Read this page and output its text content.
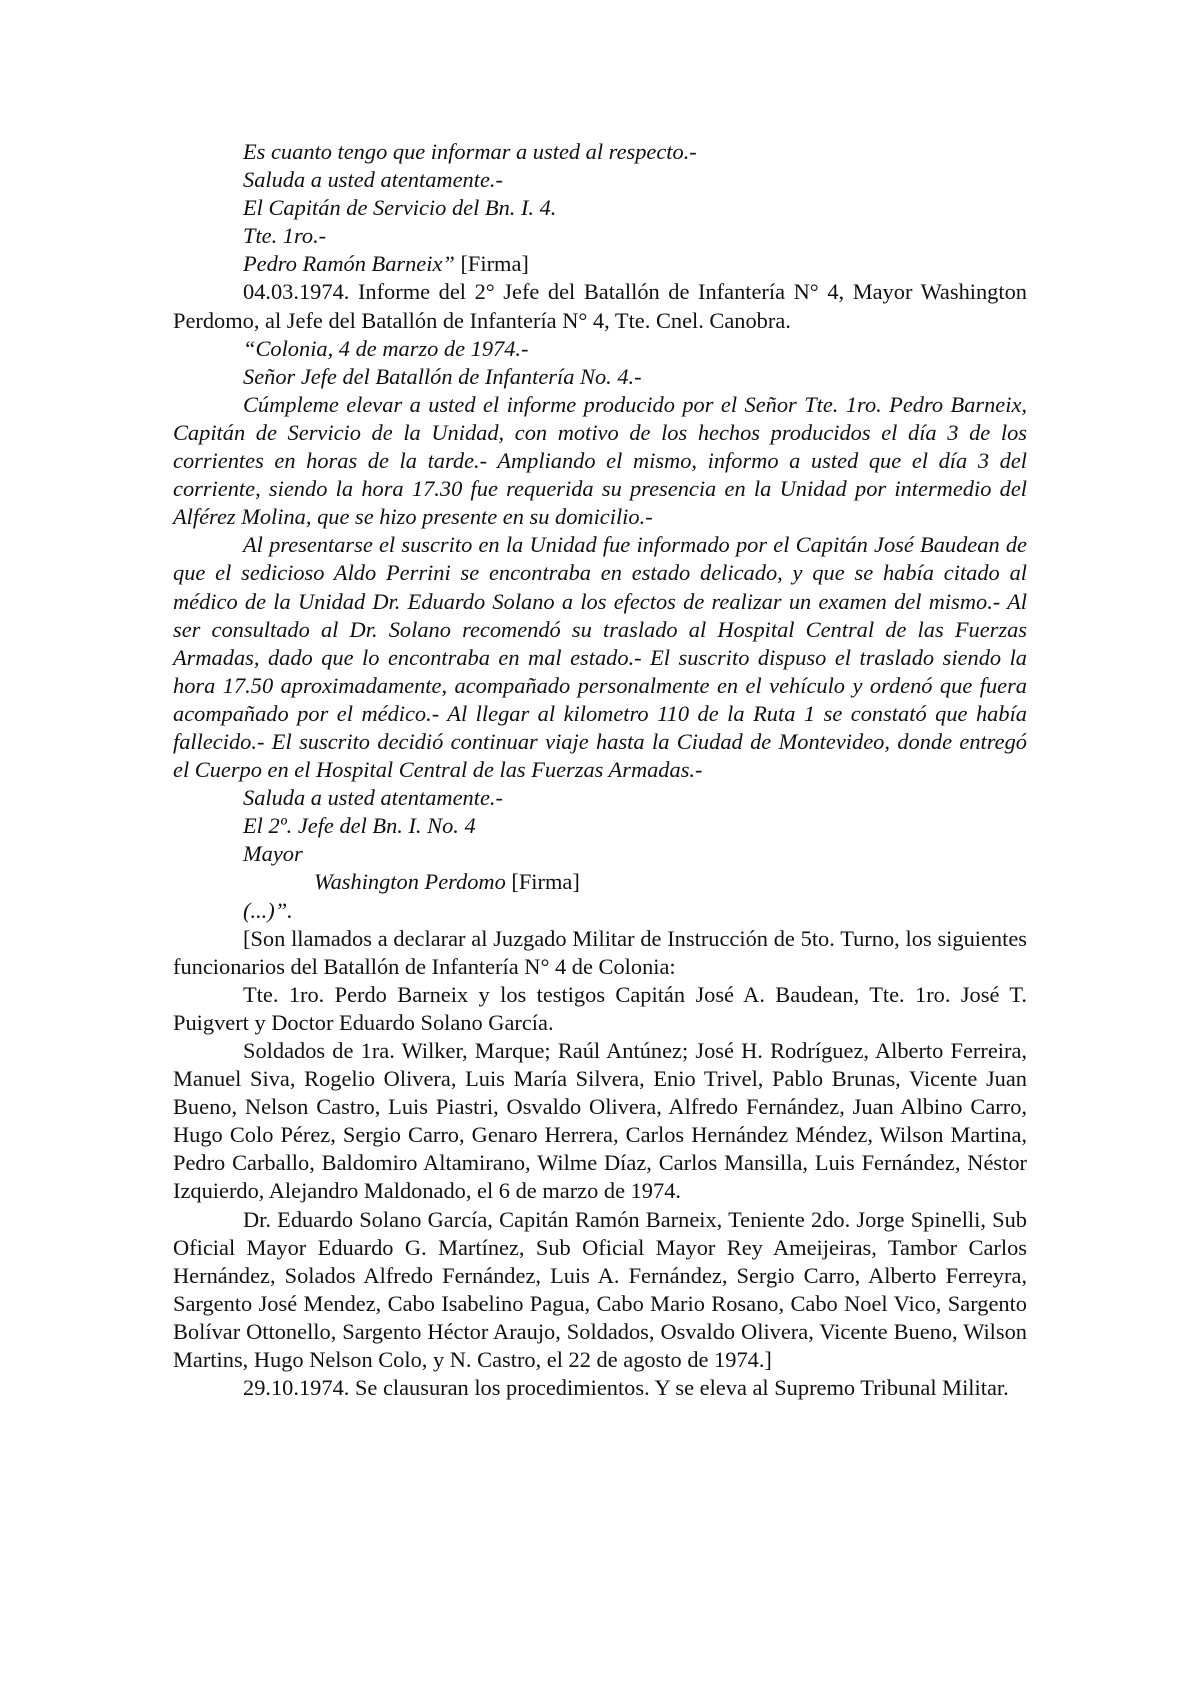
Es cuanto tengo que informar a usted al respecto.-
Saluda a usted atentamente.-
El Capitán de Servicio del Bn. I. 4.
Tte. 1ro.-
Pedro Ramón Barneix” [Firma]

04.03.1974. Informe del 2° Jefe del Batallón de Infantería N° 4, Mayor Washington Perdomo, al Jefe del Batallón de Infantería N° 4, Tte. Cnel. Canobra.

“Colonia, 4 de marzo de 1974.-
Señor Jefe del Batallón de Infantería No. 4.-

Cúmpleme elevar a usted el informe producido por el Señor Tte. 1ro. Pedro Barneix, Capitán de Servicio de la Unidad, con motivo de los hechos producidos el día 3 de los corrientes en horas de la tarde.- Ampliando el mismo, informo a usted que el día 3 del corriente, siendo la hora 17.30 fue requerida su presencia en la Unidad por intermedio del Alférez Molina, que se hizo presente en su domicilio.-

Al presentarse el suscrito en la Unidad fue informado por el Capitán José Baudean de que el sedicioso Aldo Perrini se encontraba en estado delicado, y que se había citado al médico de la Unidad Dr. Eduardo Solano a los efectos de realizar un examen del mismo.- Al ser consultado al Dr. Solano recomendó su traslado al Hospital Central de las Fuerzas Armadas, dado que lo encontraba en mal estado.- El suscrito dispuso el traslado siendo la hora 17.50 aproximadamente, acompañado personalmente en el vehículo y ordenó que fuera acompañado por el médico.- Al llegar al kilometro 110 de la Ruta 1 se constató que había fallecido.- El suscrito decidió continuar viaje hasta la Ciudad de Montevideo, donde entregó el Cuerpo en el Hospital Central de las Fuerzas Armadas.-

Saluda a usted atentamente.-
El 2º. Jefe del Bn. I. No. 4
Mayor
Washington Perdomo [Firma]
(...)”.

[Son llamados a declarar al Juzgado Militar de Instrucción de 5to. Turno, los siguientes funcionarios del Batallón de Infantería N° 4 de Colonia:

Tte. 1ro. Perdo Barneix y los testigos Capitán José A. Baudean, Tte. 1ro. José T. Puigvert y Doctor Eduardo Solano García.

Soldados de 1ra. Wilker, Marque; Raúl Antúnez; José H. Rodríguez, Alberto Ferreira, Manuel Siva, Rogelio Olivera, Luis María Silvera, Enio Trivel, Pablo Brunas, Vicente Juan Bueno, Nelson Castro, Luis Piastri, Osvaldo Olivera, Alfredo Fernández, Juan Albino Carro, Hugo Colo Pérez, Sergio Carro, Genaro Herrera, Carlos Hernández Méndez, Wilson Martina, Pedro Carballo, Baldomiro Altamirano, Wilme Díaz, Carlos Mansilla, Luis Fernández, Néstor Izquierdo, Alejandro Maldonado, el 6 de marzo de 1974.

Dr. Eduardo Solano García, Capitán Ramón Barneix, Teniente 2do. Jorge Spinelli, Sub Oficial Mayor Eduardo G. Martínez, Sub Oficial Mayor Rey Ameijeiras, Tambor Carlos Hernández, Solados Alfredo Fernández, Luis A. Fernández, Sergio Carro, Alberto Ferreyra, Sargento José Mendez, Cabo Isabelino Pagua, Cabo Mario Rosano, Cabo Noel Vico, Sargento Bolívar Ottonello, Sargento Héctor Araujo, Soldados, Osvaldo Olivera, Vicente Bueno, Wilson Martins, Hugo Nelson Colo, y N. Castro, el 22 de agosto de 1974.]

29.10.1974. Se clausuran los procedimientos. Y se eleva al Supremo Tribunal Militar.
